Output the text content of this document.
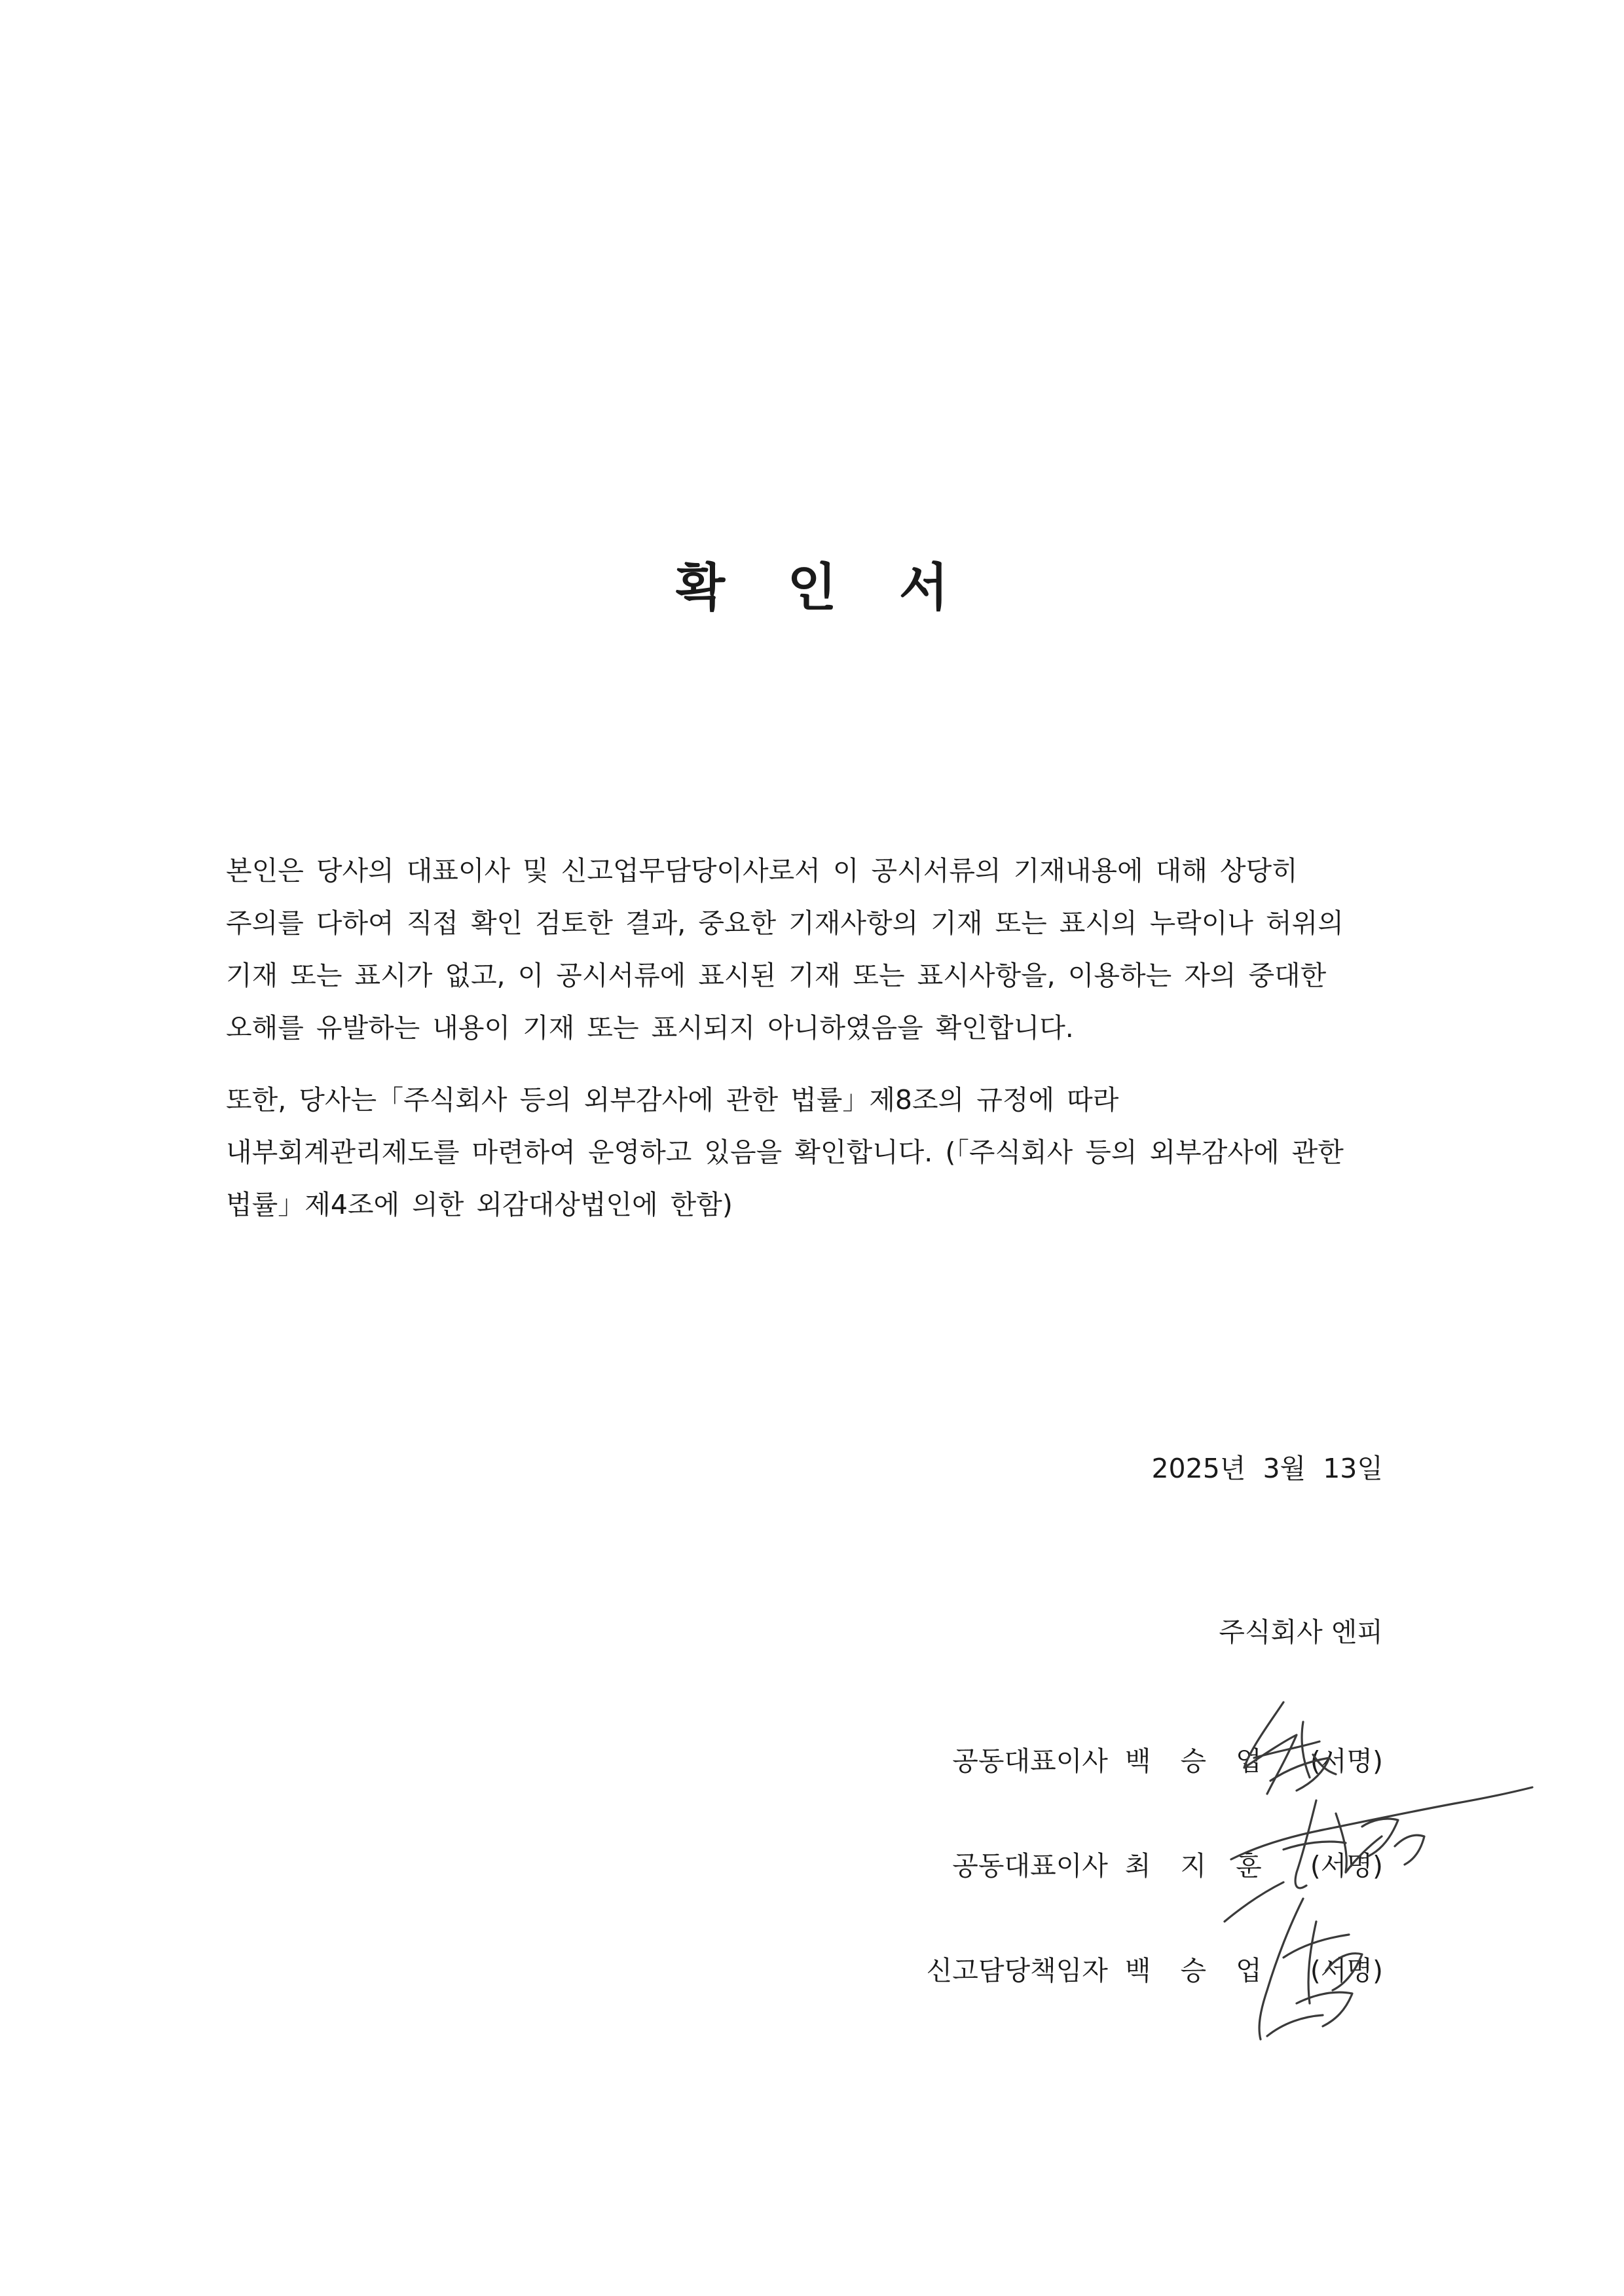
확 인 서
본인은 당사의 대표이사 및 신고업무담당이사로서 이 공시서류의 기재내용에 대해 상당히
주의를 다하여 직접 확인 검토한 결과, 중요한 기재사항의 기재 또는 표시의 누락이나 허위의
기재 또는 표시가 없고, 이 공시서류에 표시된 기재 또는 표시사항을, 이용하는 자의 중대한
오해를 유발하는 내용이 기재 또는 표시되지 아니하였음을 확인합니다.
또한, 당사는「주식회사 등의 외부감사에 관한 법률」제8조의 규정에 따라
내부회계관리제도를 마련하여 운영하고 있음을 확인합니다. (「주식회사 등의 외부감사에 관한
법률」제4조에 의한 외감대상법인에 한함)
2025년  3월  13일
주식회사 엔피
공동대표이사 백 승 업 (서명)
공동대표이사 최 지 훈 (서명)
신고담당책임자 백 승 업 (서명)
